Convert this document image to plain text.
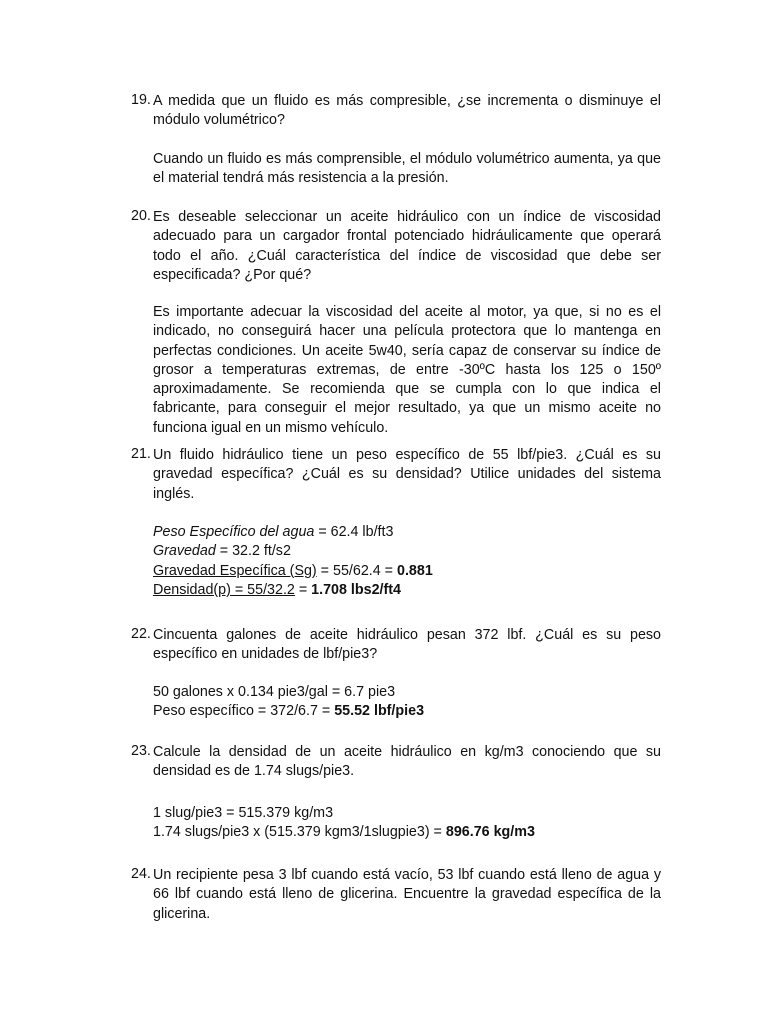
19. A medida que un fluido es más compresible, ¿se incrementa o disminuye el módulo volumétrico?
Cuando un fluido es más comprensible, el módulo volumétrico aumenta, ya que el material tendrá más resistencia a la presión.
20. Es deseable seleccionar un aceite hidráulico con un índice de viscosidad adecuado para un cargador frontal potenciado hidráulicamente que operará todo el año. ¿Cuál característica del índice de viscosidad que debe ser especificada? ¿Por qué?
Es importante adecuar la viscosidad del aceite al motor, ya que, si no es el indicado, no conseguirá hacer una película protectora que lo mantenga en perfectas condiciones. Un aceite 5w40, sería capaz de conservar su índice de grosor a temperaturas extremas, de entre -30ºC hasta los 125 o 150º aproximadamente. Se recomienda que se cumpla con lo que indica el fabricante, para conseguir el mejor resultado, ya que un mismo aceite no funciona igual en un mismo vehículo.
21. Un fluido hidráulico tiene un peso específico de 55 lbf/pie3. ¿Cuál es su gravedad específica? ¿Cuál es su densidad? Utilice unidades del sistema inglés.

Peso Específico del agua = 62.4 lb/ft3

Gravedad = 32.2 ft/s2

Gravedad Específica (Sg) = 55/62.4 = 0.881

Densidad(p) = 55/32.2 = 1.708 lbs2/ft4

22. Cincuenta galones de aceite hidráulico pesan 372 lbf. ¿Cuál es su peso específico en unidades de lbf/pie3?

50 galones x 0.134 pie3/gal = 6.7 pie3

Peso específico = 372/6.7 = 55.52 lbf/pie3

23. Calcule la densidad de un aceite hidráulico en kg/m3 conociendo que su densidad es de 1.74 slugs/pie3.

1 slug/pie3 = 515.379 kg/m3

1.74 slugs/pie3 x (515.379 kgm3/1slugpie3) = 896.76 kg/m3

24. Un recipiente pesa 3 lbf cuando está vacío, 53 lbf cuando está lleno de agua y 66 lbf cuando está lleno de glicerina. Encuentre la gravedad específica de la glicerina.
